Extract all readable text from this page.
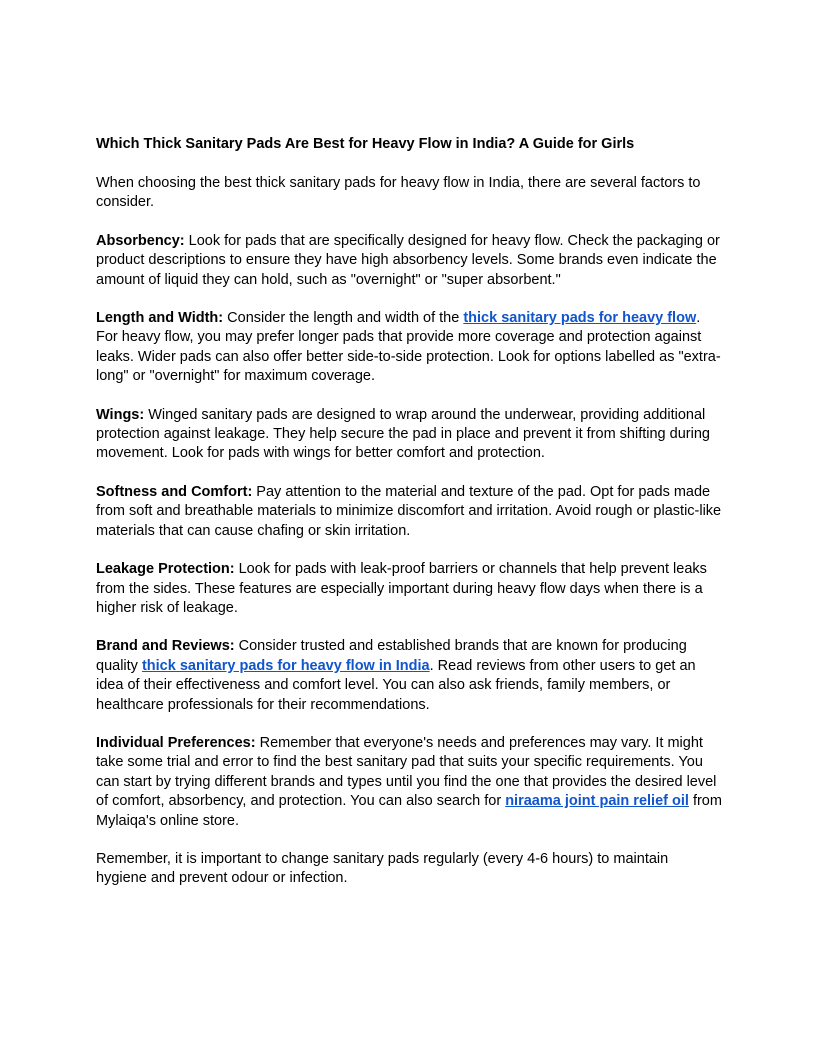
Which Thick Sanitary Pads Are Best for Heavy Flow in India? A Guide for Girls

When choosing the best thick sanitary pads for heavy flow in India, there are several factors to consider.

Absorbency: Look for pads that are specifically designed for heavy flow. Check the packaging or product descriptions to ensure they have high absorbency levels. Some brands even indicate the amount of liquid they can hold, such as "overnight" or "super absorbent."

Length and Width: Consider the length and width of the thick sanitary pads for heavy flow. For heavy flow, you may prefer longer pads that provide more coverage and protection against leaks. Wider pads can also offer better side-to-side protection. Look for options labelled as "extra-long" or "overnight" for maximum coverage.

Wings: Winged sanitary pads are designed to wrap around the underwear, providing additional protection against leakage. They help secure the pad in place and prevent it from shifting during movement. Look for pads with wings for better comfort and protection.

Softness and Comfort: Pay attention to the material and texture of the pad. Opt for pads made from soft and breathable materials to minimize discomfort and irritation. Avoid rough or plastic-like materials that can cause chafing or skin irritation.

Leakage Protection: Look for pads with leak-proof barriers or channels that help prevent leaks from the sides. These features are especially important during heavy flow days when there is a higher risk of leakage.

Brand and Reviews: Consider trusted and established brands that are known for producing quality thick sanitary pads for heavy flow in India. Read reviews from other users to get an idea of their effectiveness and comfort level. You can also ask friends, family members, or healthcare professionals for their recommendations.

Individual Preferences: Remember that everyone's needs and preferences may vary. It might take some trial and error to find the best sanitary pad that suits your specific requirements. You can start by trying different brands and types until you find the one that provides the desired level of comfort, absorbency, and protection. You can also search for niraama joint pain relief oil from Mylaiqa's online store.

Remember, it is important to change sanitary pads regularly (every 4-6 hours) to maintain hygiene and prevent odour or infection.
